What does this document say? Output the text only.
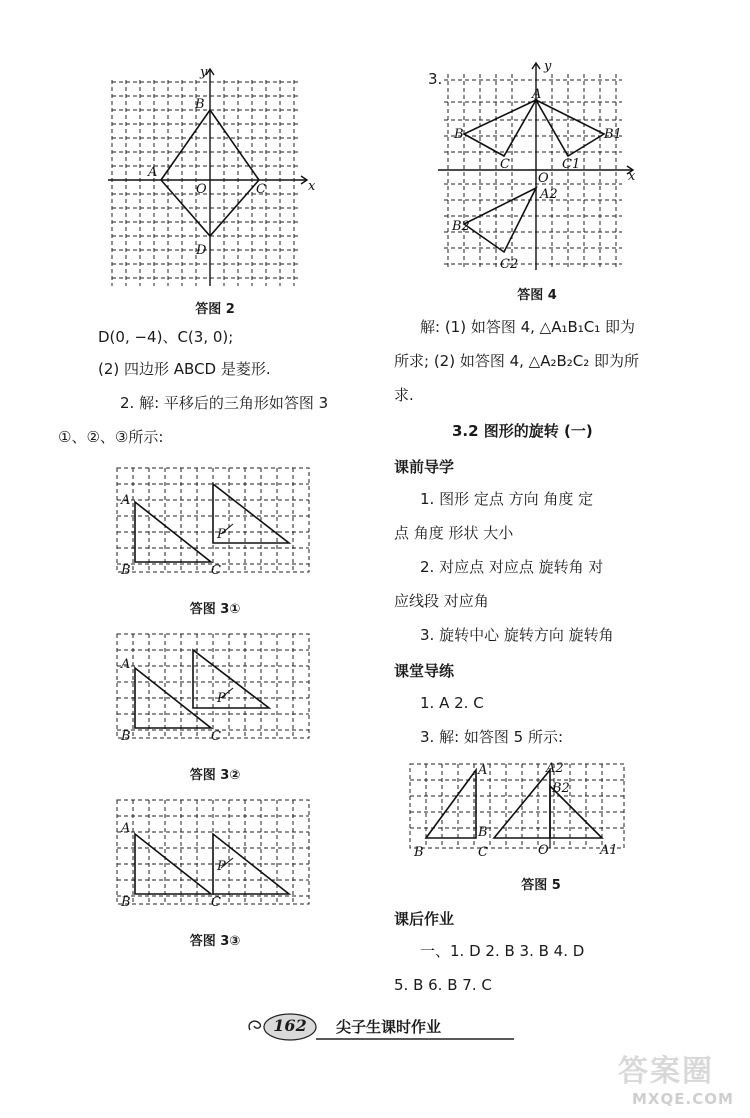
y
x
B
A
O	C
D
答图 2
D(0, −4)、C(3, 0);
(2) 四边形 ABCD 是菱形.
2. 解: 平移后的三角形如答图 3
①、②、③所示:
A
B	C
P
答图 3①
A
B	C
P
答图 3②
A
B	C
P
答图 3③
3.
y
x
A
B	B1
C	C1
O
A2
B2
C2
答图 4
解: (1) 如答图 4, △A₁B₁C₁ 即为
所求; (2) 如答图 4, △A₂B₂C₂ 即为所
求.
3.2 图形的旋转 (一)
课前导学
1. 图形 定点 方向 角度 定
点 角度 形状 大小
2. 对应点 对应点 旋转角 对
应线段 对应角
3. 旋转中心 旋转方向 旋转角
课堂导练
1. A 2. C
3. 解: 如答图 5 所示:
A	A2
B2
B
B
C	O	A1
答图 5
课后作业
一、1. D 2. B 3. B 4. D
5. B 6. B 7. C
162 尖子生课时作业
答案圈
MXQE.COM
